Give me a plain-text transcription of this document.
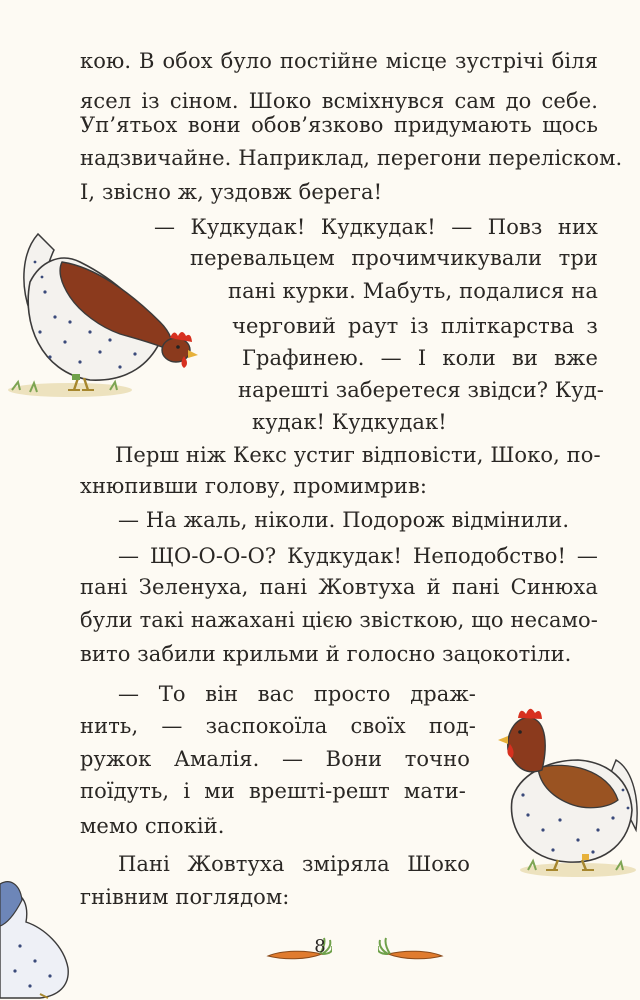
кою. В обох було постійне місце зустрічі біля
ясел із сіном. Шоко всміхнувся сам до себе.
Уп’ятьох вони обов’язково придумають щось
надзвичайне. Наприклад, перегони переліском.
І, звісно ж, уздовж берега!
— Кудкудак! Кудкудак! — Повз них
перевальцем прочимчикували три
пані курки. Мабуть, подалися на
черговий раут із пліткарства з
Графинею. — І коли ви вже
нарешті заберетеся звідси? Куд-
кудак! Кудкудак!
Перш ніж Кекс устиг відповісти, Шоко, по-
хнюпивши голову, промимрив:
— На жаль, ніколи. Подорож відмінили.
— ЩО-О-О-О? Кудкудак! Неподобство! —
пані Зеленуха, пані Жовтуха й пані Синюха
були такі нажахані цією звісткою, що несамо-
вито забили крильми й голосно зацокотіли.
— То він вас просто драж-
нить, — заспокоїла своїх под-
ружок Амалія. — Вони точно
поїдуть, і ми врешті-решт мати-
мемо спокій.
Пані Жовтуха зміряла Шоко
гнівним поглядом:
8
